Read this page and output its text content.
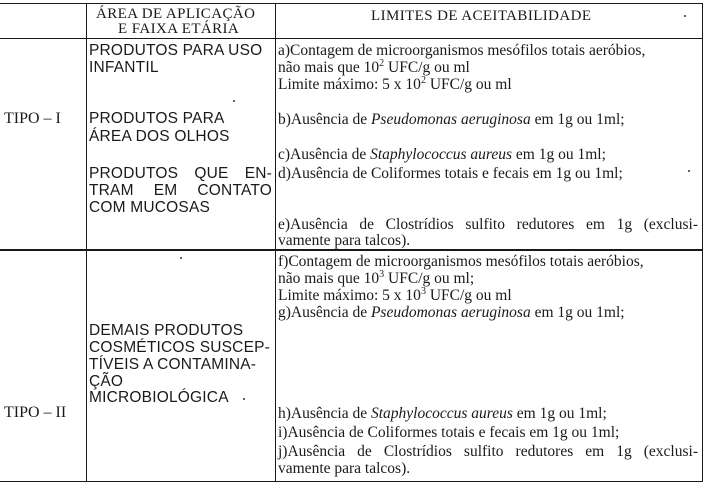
ÁREA DE APLICAÇÃO
E FAIXA ETÁRIA
LIMITES DE ACEITABILIDADE
TIPO – I
PRODUTOS PARA USO
INFANTIL
PRODUTOS PARA
ÁREA DOS OLHOS
PRODUTOS QUE EN-
TRAM EM CONTATO
COM MUCOSAS
a)Contagem de microorganismos mesófilos totais aeróbios,
não mais que $10^2$ UFC/g ou ml
Limite máximo: 5 x $10^2$ UFC/g ou ml
b)Ausência de Pseudomonas aeruginosa em 1g ou 1ml;
c)Ausência de Staphylococcus aureus em 1g ou 1ml;
d)Ausência de Coliformes totais e fecais em 1g ou 1ml;
e)Ausência de Clostrídios sulfito redutores em 1g (exclusi-
vamente para talcos).
TIPO – II
DEMAIS PRODUTOS
COSMÉTICOS SUSCEP-
TÍVEIS A CONTAMINA-
ÇÃO
MICROBIOLÓGICA
f)Contagem de microorganismos mesófilos totais aeróbios,
não mais que $10^3$ UFC/g ou ml;
Limite máximo: 5 x $10^3$ UFC/g ou ml
g)Ausência de Pseudomonas aeruginosa em 1g ou 1ml;
h)Ausência de Staphylococcus aureus em 1g ou 1ml;
i)Ausência de Coliformes totais e fecais em 1g ou 1ml;
j)Ausência de Clostrídios sulfito redutores em 1g (exclusi-
vamente para talcos).
